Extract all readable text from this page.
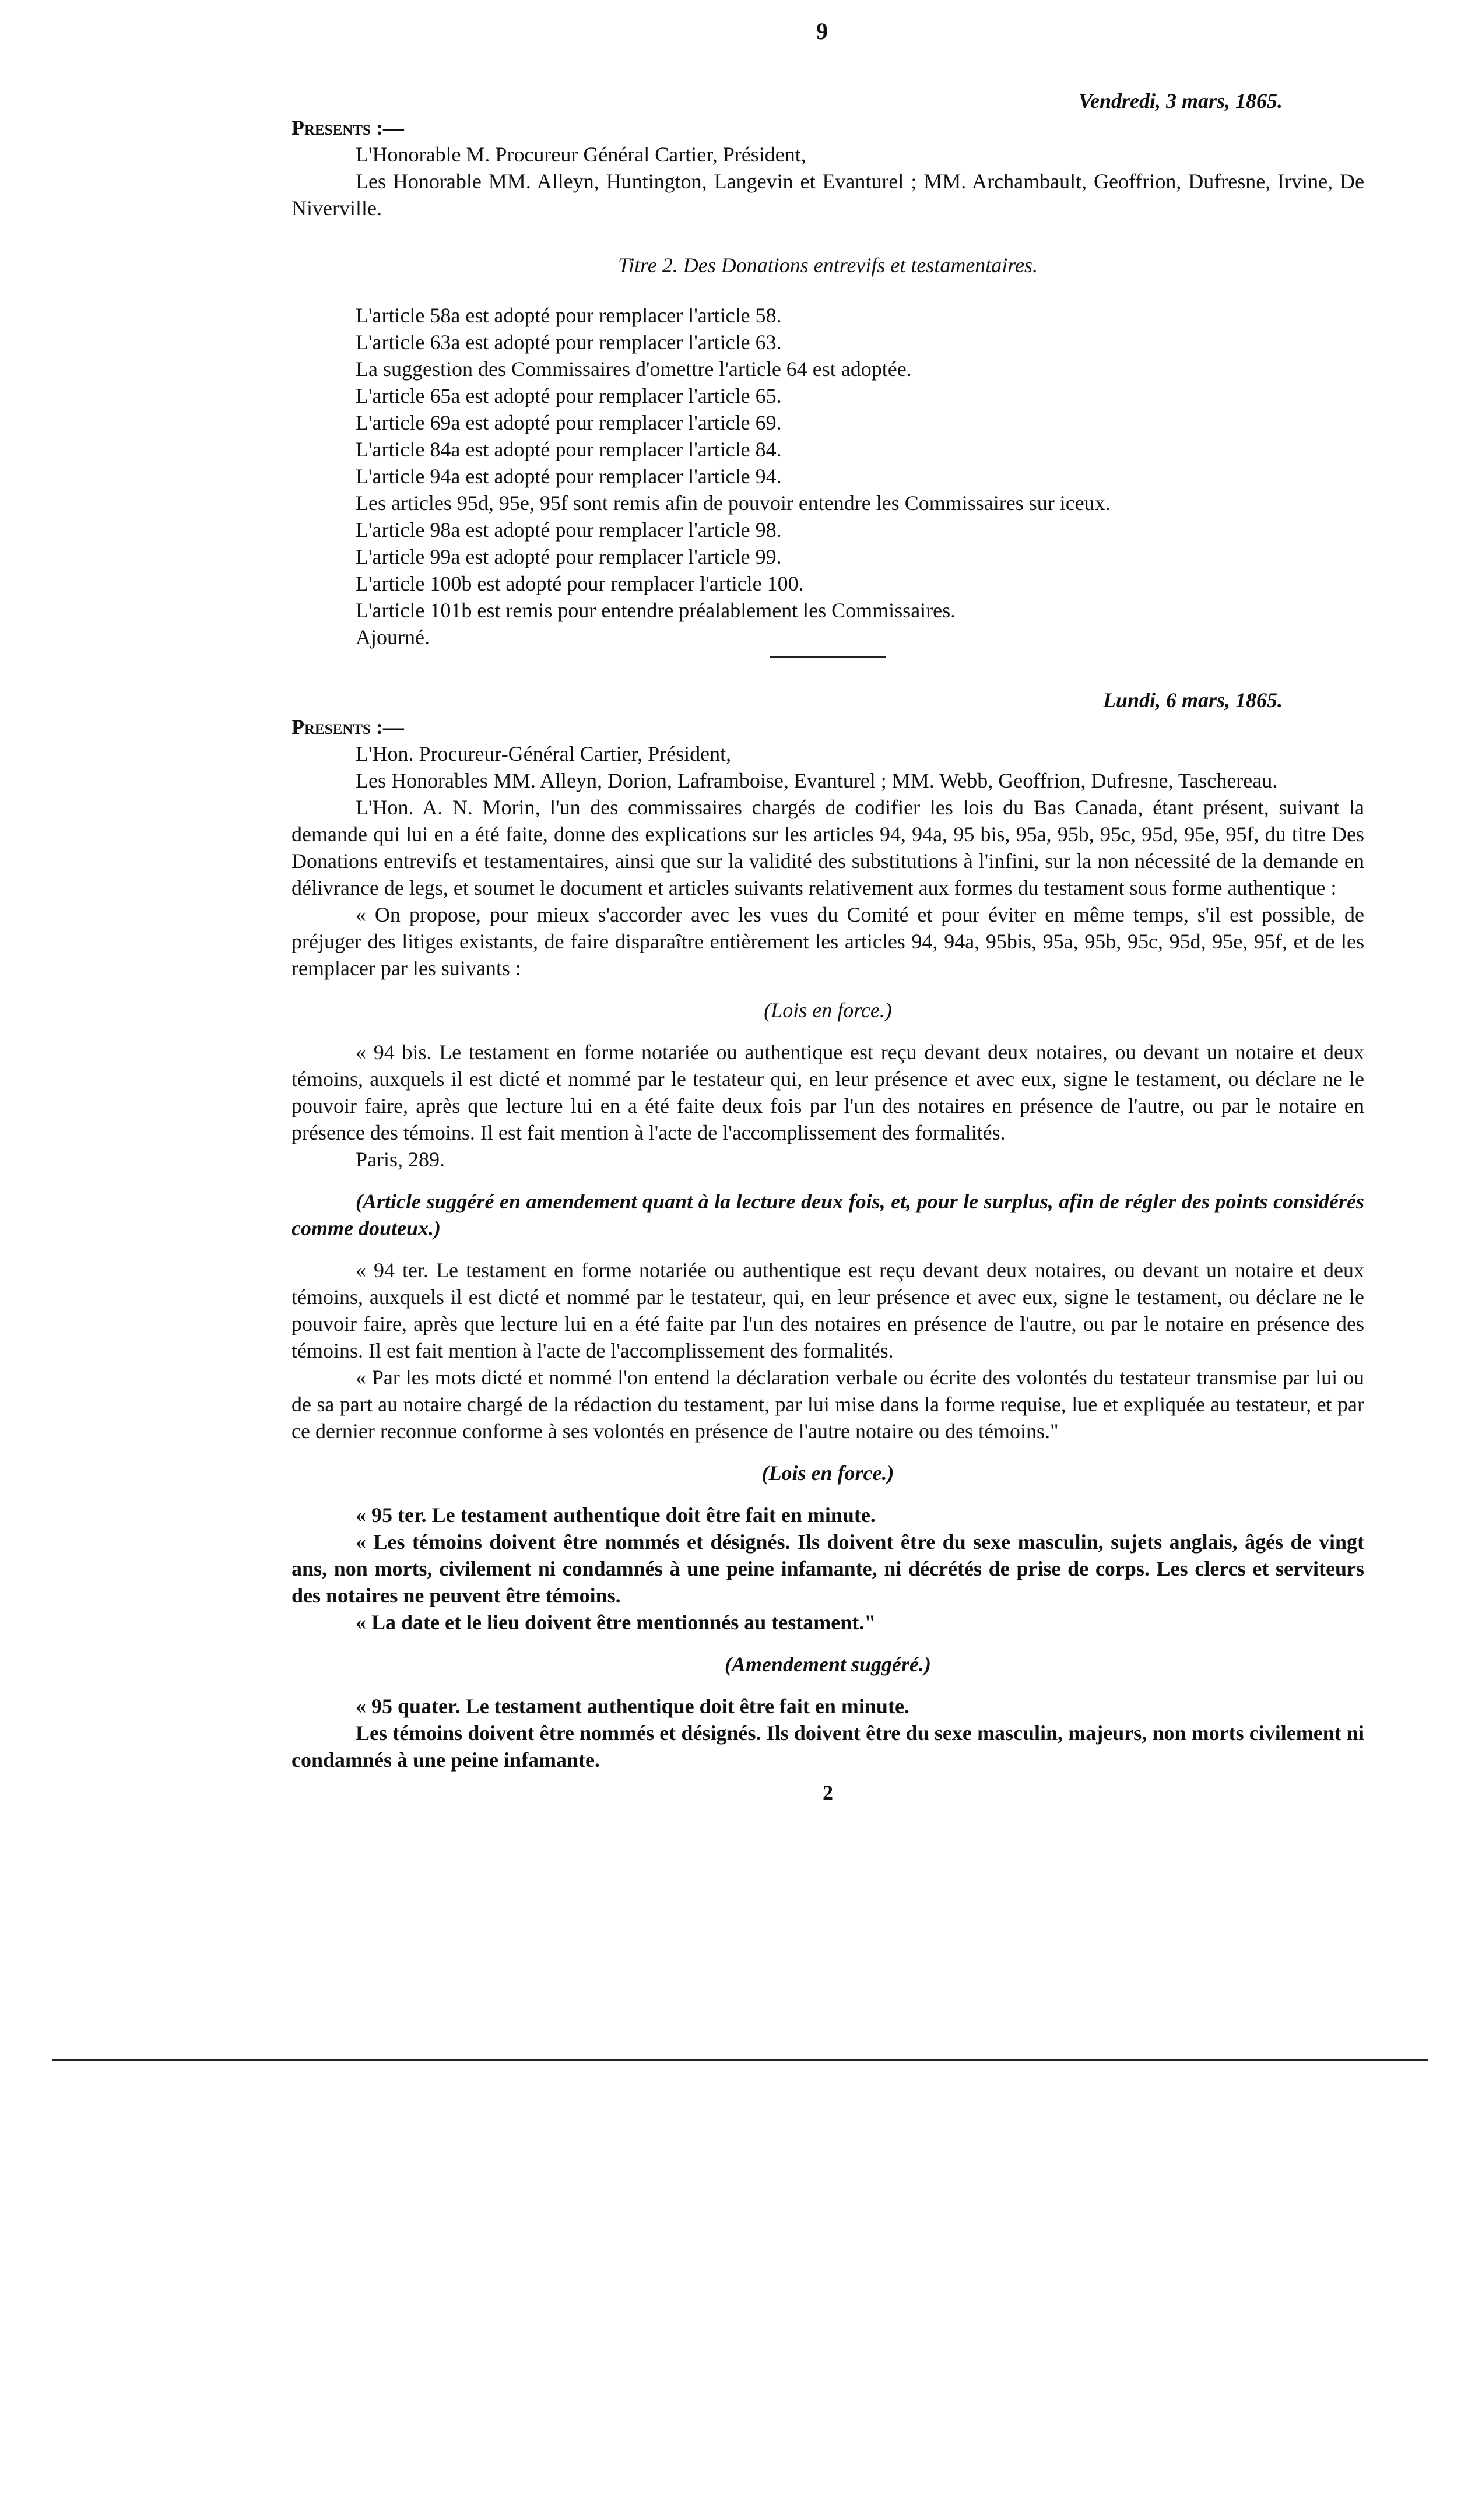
9

Vendredi, 3 mars, 1865.

Presents :—

L'Honorable M. Procureur Général Cartier, Président,

Les Honorable MM. Alleyn, Huntington, Langevin et Evanturel ; MM. Archambault, Geoffrion, Dufresne, Irvine, De Niverville.

Titre 2. Des Donations entrevifs et testamentaires.

L'article 58a est adopté pour remplacer l'article 58.
L'article 63a est adopté pour remplacer l'article 63.
La suggestion des Commissaires d'omettre l'article 64 est adoptée.
L'article 65a est adopté pour remplacer l'article 65.
L'article 69a est adopté pour remplacer l'article 69.
L'article 84a est adopté pour remplacer l'article 84.
L'article 94a est adopté pour remplacer l'article 94.
Les articles 95d, 95e, 95f sont remis afin de pouvoir entendre les Commissaires sur iceux.
L'article 98a est adopté pour remplacer l'article 98.
L'article 99a est adopté pour remplacer l'article 99.
L'article 100b est adopté pour remplacer l'article 100.
L'article 101b est remis pour entendre préalablement les Commissaires.
Ajourné.

Lundi, 6 mars, 1865.

Presents :—

L'Hon. Procureur-Général Cartier, Président,

Les Honorables MM. Alleyn, Dorion, Laframboise, Evanturel ; MM. Webb, Geoffrion, Dufresne, Taschereau.

L'Hon. A. N. Morin, l'un des commissaires chargés de codifier les lois du Bas Canada, étant présent, suivant la demande qui lui en a été faite, donne des explications sur les articles 94, 94a, 95 bis, 95a, 95b, 95c, 95d, 95e, 95f, du titre Des Donations entrevifs et testamentaires, ainsi que sur la validité des substitutions à l'infini, sur la non nécessité de la demande en délivrance de legs, et soumet le document et articles suivants relativement aux formes du testament sous forme authentique :

« On propose, pour mieux s'accorder avec les vues du Comité et pour éviter en même temps, s'il est possible, de préjuger des litiges existants, de faire disparaître entièrement les articles 94, 94a, 95bis, 95a, 95b, 95c, 95d, 95e, 95f, et de les remplacer par les suivants :

(Lois en force.)

« 94 bis. Le testament en forme notariée ou authentique est reçu devant deux notaires, ou devant un notaire et deux témoins, auxquels il est dicté et nommé par le testateur qui, en leur présence et avec eux, signe le testament, ou déclare ne le pouvoir faire, après que lecture lui en a été faite deux fois par l'un des notaires en présence de l'autre, ou par le notaire en présence des témoins. Il est fait mention à l'acte de l'accomplissement des formalités.

Paris, 289.

(Article suggéré en amendement quant à la lecture deux fois, et, pour le surplus, afin de régler des points considérés comme douteux.)

« 94 ter. Le testament en forme notariée ou authentique est reçu devant deux notaires, ou devant un notaire et deux témoins, auxquels il est dicté et nommé par le testateur, qui, en leur présence et avec eux, signe le testament, ou déclare ne le pouvoir faire, après que lecture lui en a été faite par l'un des notaires en présence de l'autre, ou par le notaire en présence des témoins. Il est fait mention à l'acte de l'accomplissement des formalités.

« Par les mots dicté et nommé l'on entend la déclaration verbale ou écrite des volontés du testateur transmise par lui ou de sa part au notaire chargé de la rédaction du testament, par lui mise dans la forme requise, lue et expliquée au testateur, et par ce dernier reconnue conforme à ses volontés en présence de l'autre notaire ou des témoins."

(Lois en force.)

« 95 ter. Le testament authentique doit être fait en minute.

« Les témoins doivent être nommés et désignés. Ils doivent être du sexe masculin, sujets anglais, âgés de vingt ans, non morts, civilement ni condamnés à une peine infamante, ni décrétés de prise de corps. Les clercs et serviteurs des notaires ne peuvent être témoins.

« La date et le lieu doivent être mentionnés au testament."

(Amendement suggéré.)

« 95 quater. Le testament authentique doit être fait en minute.

Les témoins doivent être nommés et désignés. Ils doivent être du sexe masculin, majeurs, non morts civilement ni condamnés à une peine infamante.

2
